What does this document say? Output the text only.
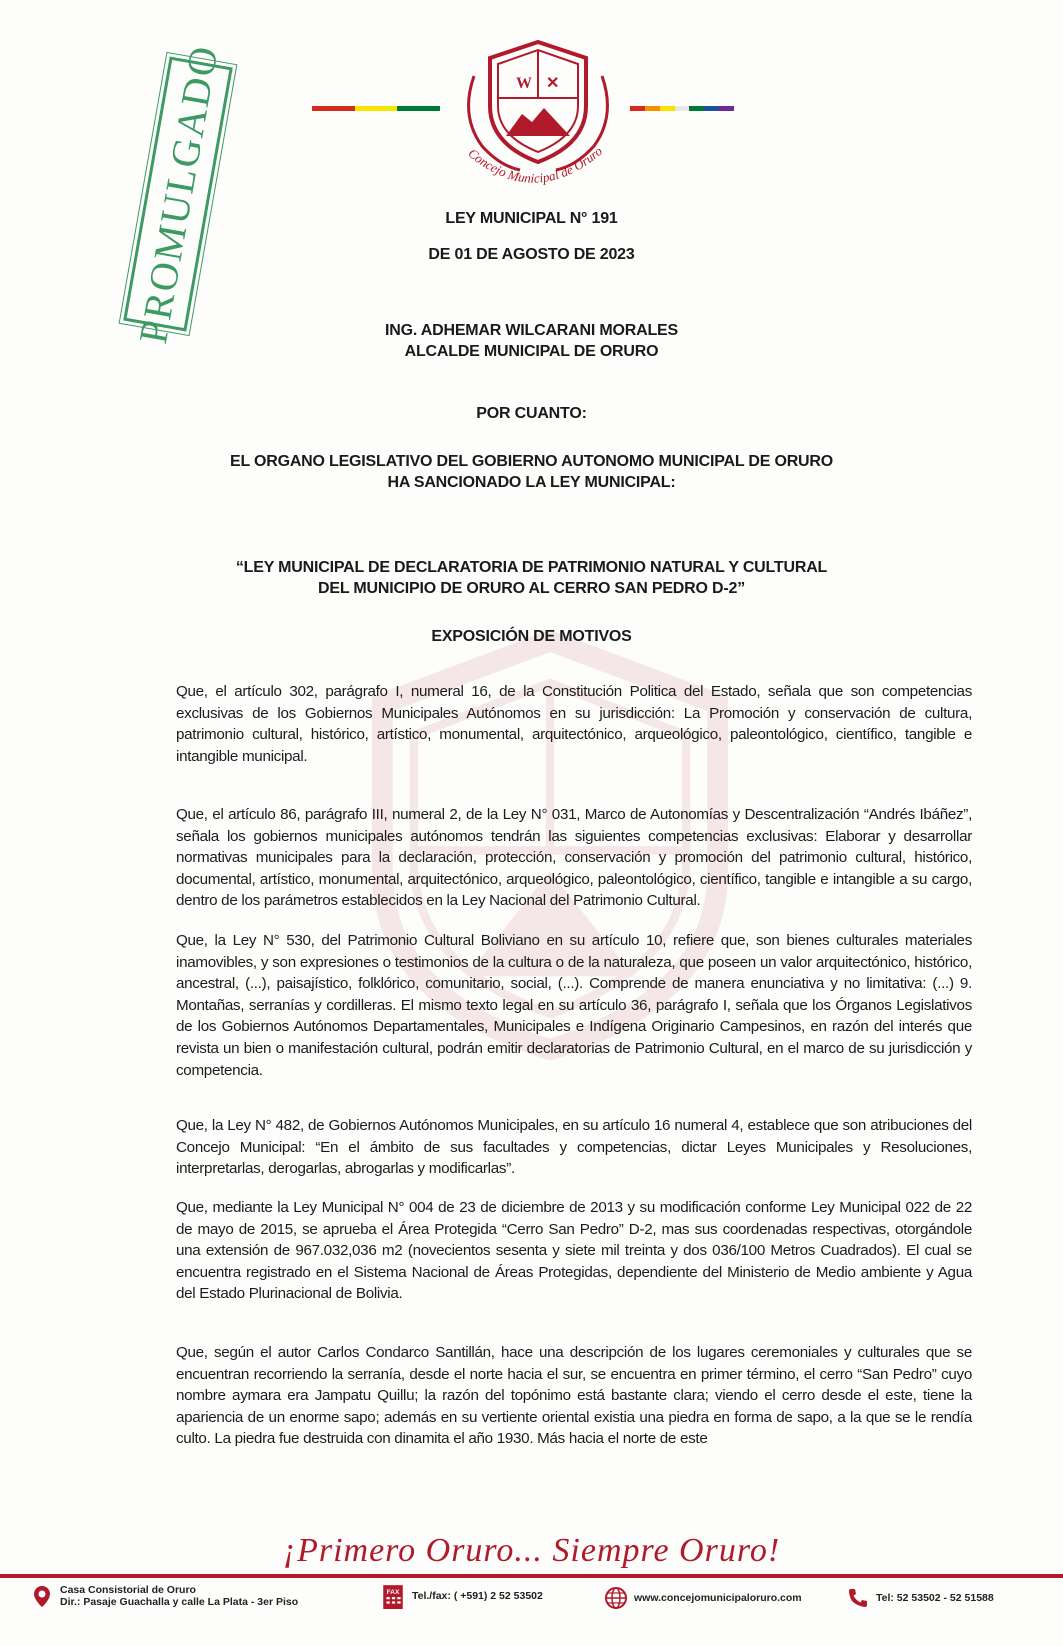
PROMULGADO	W ✕
Concejo Municipal de Oruro
LEY MUNICIPAL N° 191
DE 01 DE AGOSTO DE 2023
ING. ADHEMAR WILCARANI MORALES
ALCALDE MUNICIPAL DE ORURO
POR CUANTO:
EL ORGANO LEGISLATIVO DEL GOBIERNO AUTONOMO MUNICIPAL DE ORURO
HA SANCIONADO LA LEY MUNICIPAL:
“LEY MUNICIPAL DE DECLARATORIA DE PATRIMONIO NATURAL Y CULTURAL
DEL MUNICIPIO DE ORURO AL CERRO SAN PEDRO D-2”
EXPOSICIÓN DE MOTIVOS

Que, el artículo 302, parágrafo I, numeral 16, de la Constitución Politica del Estado, señala que son competencias exclusivas de los Gobiernos Municipales Autónomos en su jurisdicción: La Promoción y conservación de cultura, patrimonio cultural, histórico, artístico, monumental, arquitectónico, arqueológico, paleontológico, científico, tangible e intangible municipal.

Que, el artículo 86, parágrafo III, numeral 2, de la Ley N° 031, Marco de Autonomías y Descentralización “Andrés Ibáñez”, señala los gobiernos municipales autónomos tendrán las siguientes competencias exclusivas: Elaborar y desarrollar normativas municipales para la declaración, protección, conservación y promoción del patrimonio cultural, histórico, documental, artístico, monumental, arquitectónico, arqueológico, paleontológico, científico, tangible e intangible a su cargo, dentro de los parámetros establecidos en la Ley Nacional del Patrimonio Cultural.

Que, la Ley N° 530, del Patrimonio Cultural Boliviano en su artículo 10, refiere que, son bienes culturales materiales inamovibles, y son expresiones o testimonios de la cultura o de la naturaleza, que poseen un valor arquitectónico, histórico, ancestral, (...), paisajístico, folklórico, comunitario, social, (...). Comprende de manera enunciativa y no limitativa: (...) 9. Montañas, serranías y cordilleras. El mismo texto legal en su artículo 36, parágrafo I, señala que los Órganos Legislativos de los Gobiernos Autónomos Departamentales, Municipales e Indígena Originario Campesinos, en razón del interés que revista un bien o manifestación cultural, podrán emitir declaratorias de Patrimonio Cultural, en el marco de su jurisdicción y competencia.

Que, la Ley N° 482, de Gobiernos Autónomos Municipales, en su artículo 16 numeral 4, establece que son atribuciones del Concejo Municipal: “En el ámbito de sus facultades y competencias, dictar Leyes Municipales y Resoluciones, interpretarlas, derogarlas, abrogarlas y modificarlas”.

Que, mediante la Ley Municipal N° 004 de 23 de diciembre de 2013 y su modificación conforme Ley Municipal 022 de 22 de mayo de 2015, se aprueba el Área Protegida “Cerro San Pedro” D-2, mas sus coordenadas respectivas, otorgándole una extensión de 967.032,036 m2 (novecientos sesenta y siete mil treinta y dos 036/100 Metros Cuadrados). El cual se encuentra registrado en el Sistema Nacional de Áreas Protegidas, dependiente del Ministerio de Medio ambiente y Agua del Estado Plurinacional de Bolivia.

Que, según el autor Carlos Condarco Santillán, hace una descripción de los lugares ceremoniales y culturales que se encuentran recorriendo la serranía, desde el norte hacia el sur, se encuentra en primer término, el cerro “San Pedro” cuyo nombre aymara era Jampatu Quillu; la razón del topónimo está bastante clara; viendo el cerro desde el este, tiene la apariencia de un enorme sapo; además en su vertiente oriental existia una piedra en forma de sapo, a la que se le rendía culto. La piedra fue destruida con dinamita el año 1930. Más hacia el norte de este

¡Primero Oruro... Siempre Oruro!
Casa Consistorial de Oruro
Dir.: Pasaje Guachalla y calle La Plata - 3er Piso
FAX Tel./fax: ( +591) 2 52 53502	www.concejomunicipaloruro.com	Tel: 52 53502 - 52 51588
